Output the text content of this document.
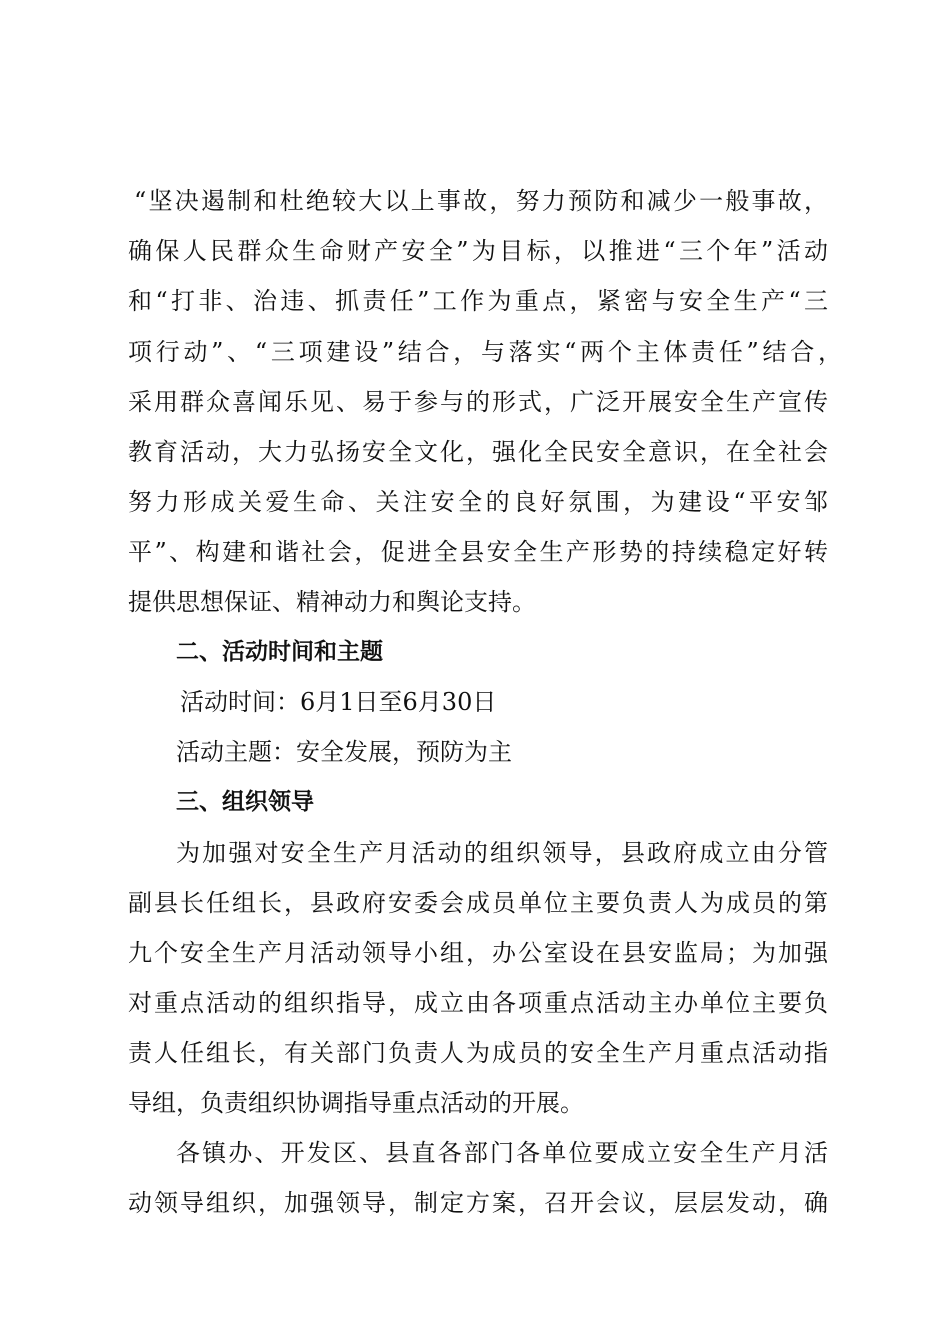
“坚决遏制和杜绝较大以上事故，努力预防和减少一般事故，
确保人民群众生命财产安全”为目标，以推进“三个年”活动
和“打非、治违、抓责任”工作为重点，紧密与安全生产“三
项行动”、“三项建设”结合，与落实“两个主体责任”结合，
采用群众喜闻乐见、易于参与的形式，广泛开展安全生产宣传
教育活动，大力弘扬安全文化，强化全民安全意识，在全社会
努力形成关爱生命、关注安全的良好氛围，为建设“平安邹
平”、构建和谐社会，促进全县安全生产形势的持续稳定好转
提供思想保证、精神动力和舆论支持。
二、活动时间和主题
活动时间：6月1日至6月30日
活动主题：安全发展，预防为主
三、组织领导
为加强对安全生产月活动的组织领导，县政府成立由分管
副县长任组长，县政府安委会成员单位主要负责人为成员的第
九个安全生产月活动领导小组，办公室设在县安监局；为加强
对重点活动的组织指导，成立由各项重点活动主办单位主要负
责人任组长，有关部门负责人为成员的安全生产月重点活动指
导组，负责组织协调指导重点活动的开展。
各镇办、开发区、县直各部门各单位要成立安全生产月活
动领导组织，加强领导，制定方案，召开会议，层层发动，确
